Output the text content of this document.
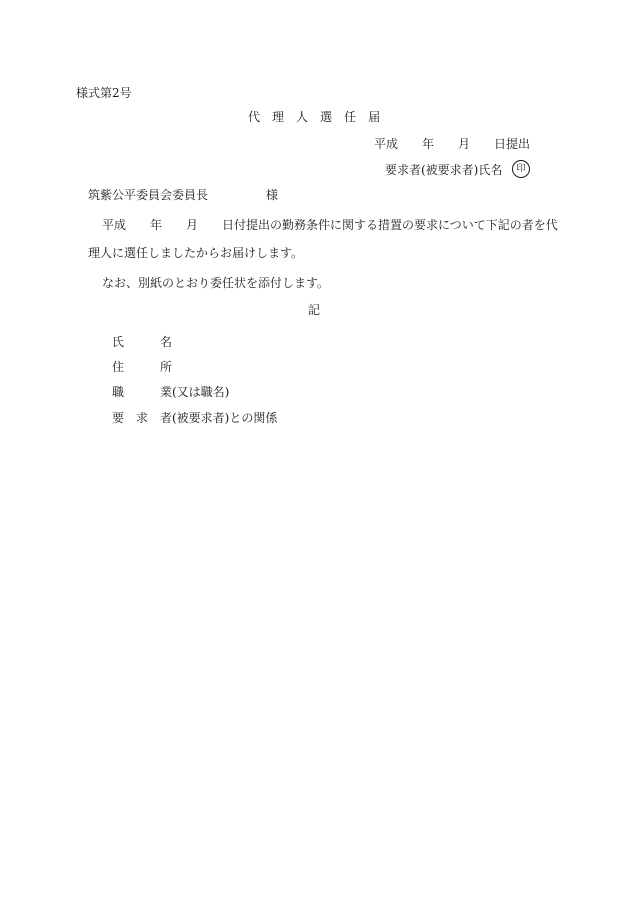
様式第2号
代 理 人 選 任 届
平成 年 月 日提出
要求者(被要求者)氏名	印
筑紫公平委員会委員長	様
平成 年 月 日付提出の勤務条件に関する措置の要求について下記の者を代
理人に選任しましたからお届けします。
なお、別紙のとおり委任状を添付します。
記
氏	名
住	所
職	業(又は職名)
要　求 者(被要求者)との関係
